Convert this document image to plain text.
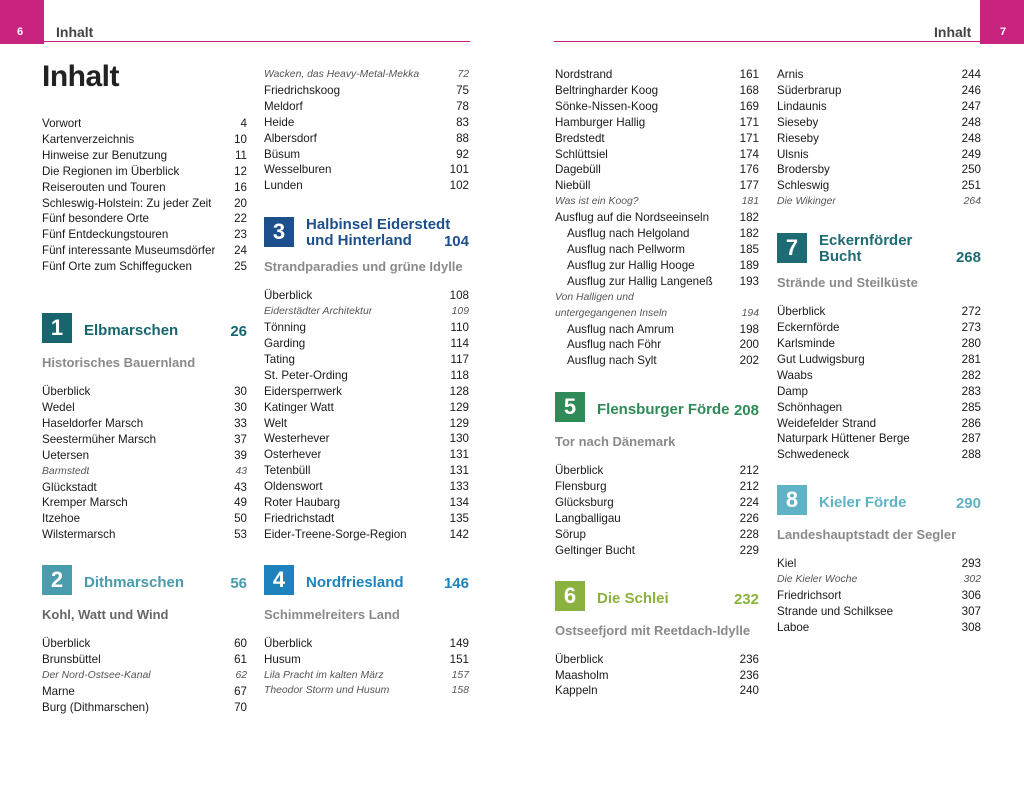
6	Inhalt	Inhalt	7
Inhalt
Vorwort	4
Kartenverzeichnis	10
Hinweise zur Benutzung	11
Die Regionen im Überblick	12
Reiserouten und Touren	16
Schleswig-Holstein: Zu jeder Zeit	20
Fünf besondere Orte	22
Fünf Entdeckungstouren	23
Fünf interessante Museumsdörfer	24
Fünf Orte zum Schiffegucken	25
1	Elbmarschen	26
Historisches Bauernland
Überblick	30
Wedel	30
Haseldorfer Marsch	33
Seestermüher Marsch	37
Uetersen	39
Barmstedt	43
Glückstadt	43
Kremper Marsch	49
Itzehoe	50
Wilstermarsch	53
2	Dithmarschen	56
Kohl, Watt und Wind
Überblick	60
Brunsbüttel	61
Der Nord-Ostsee-Kanal	62
Marne	67
Burg (Dithmarschen)	70
Wacken, das Heavy-Metal-Mekka	72
Friedrichskoog	75
Meldorf	78
Heide	83
Albersdorf	88
Büsum	92
Wesselburen	101
Lunden	102
3	Halbinsel Eiderstedt
und Hinterland 104
Strandparadies und grüne Idylle
Überblick	108
Eiderstädter Architektur	109
Tönning	110
Garding	114
Tating	117
St. Peter-Ording	118
Eidersperrwerk	128
Katinger Watt	129
Welt	129
Westerhever	130
Osterhever	131
Tetenbüll	131
Oldenswort	133
Roter Haubarg	134
Friedrichstadt	135
Eider-Treene-Sorge-Region	142
4	Nordfriesland	146
Schimmelreiters Land
Überblick	149
Husum	151
Lila Pracht im kalten März	157
Theodor Storm und Husum	158
Nordstrand	161
Beltringharder Koog	168
Sönke-Nissen-Koog	169
Hamburger Hallig	171
Bredstedt	171
Schlüttsiel	174
Dagebüll	176
Niebüll	177
Was ist ein Koog?	181
Ausflug auf die Nordseeinseln	182
Ausflug nach Helgoland	182
Ausflug nach Pellworm	185
Ausflug zur Hallig Hooge	189
Ausflug zur Hallig Langeneß	193
Von Halligen und
untergegangenen Inseln	194
Ausflug nach Amrum	198
Ausflug nach Föhr	200
Ausflug nach Sylt	202
5	Flensburger Förde 208
Tor nach Dänemark
Überblick	212
Flensburg	212
Glücksburg	224
Langballigau	226
Sörup	228
Geltinger Bucht	229
6	Die Schlei	232
Ostseefjord mit Reetdach-Idylle
Überblick	236
Maasholm	236
Kappeln	240
Arnis	244
Süderbrarup	246
Lindaunis	247
Sieseby	248
Rieseby	248
Ulsnis	249
Brodersby	250
Schleswig	251
Die Wikinger	264
7	Eckernförder
Bucht	268
Strände und Steilküste
Überblick	272
Eckernförde	273
Karlsminde	280
Gut Ludwigsburg	281
Waabs	282
Damp	283
Schönhagen	285
Weidefelder Strand	286
Naturpark Hüttener Berge	287
Schwedeneck	288
8	Kieler Förde	290
Landeshauptstadt der Segler
Kiel	293
Die Kieler Woche	302
Friedrichsort	306
Strande und Schilksee	307
Laboe	308
